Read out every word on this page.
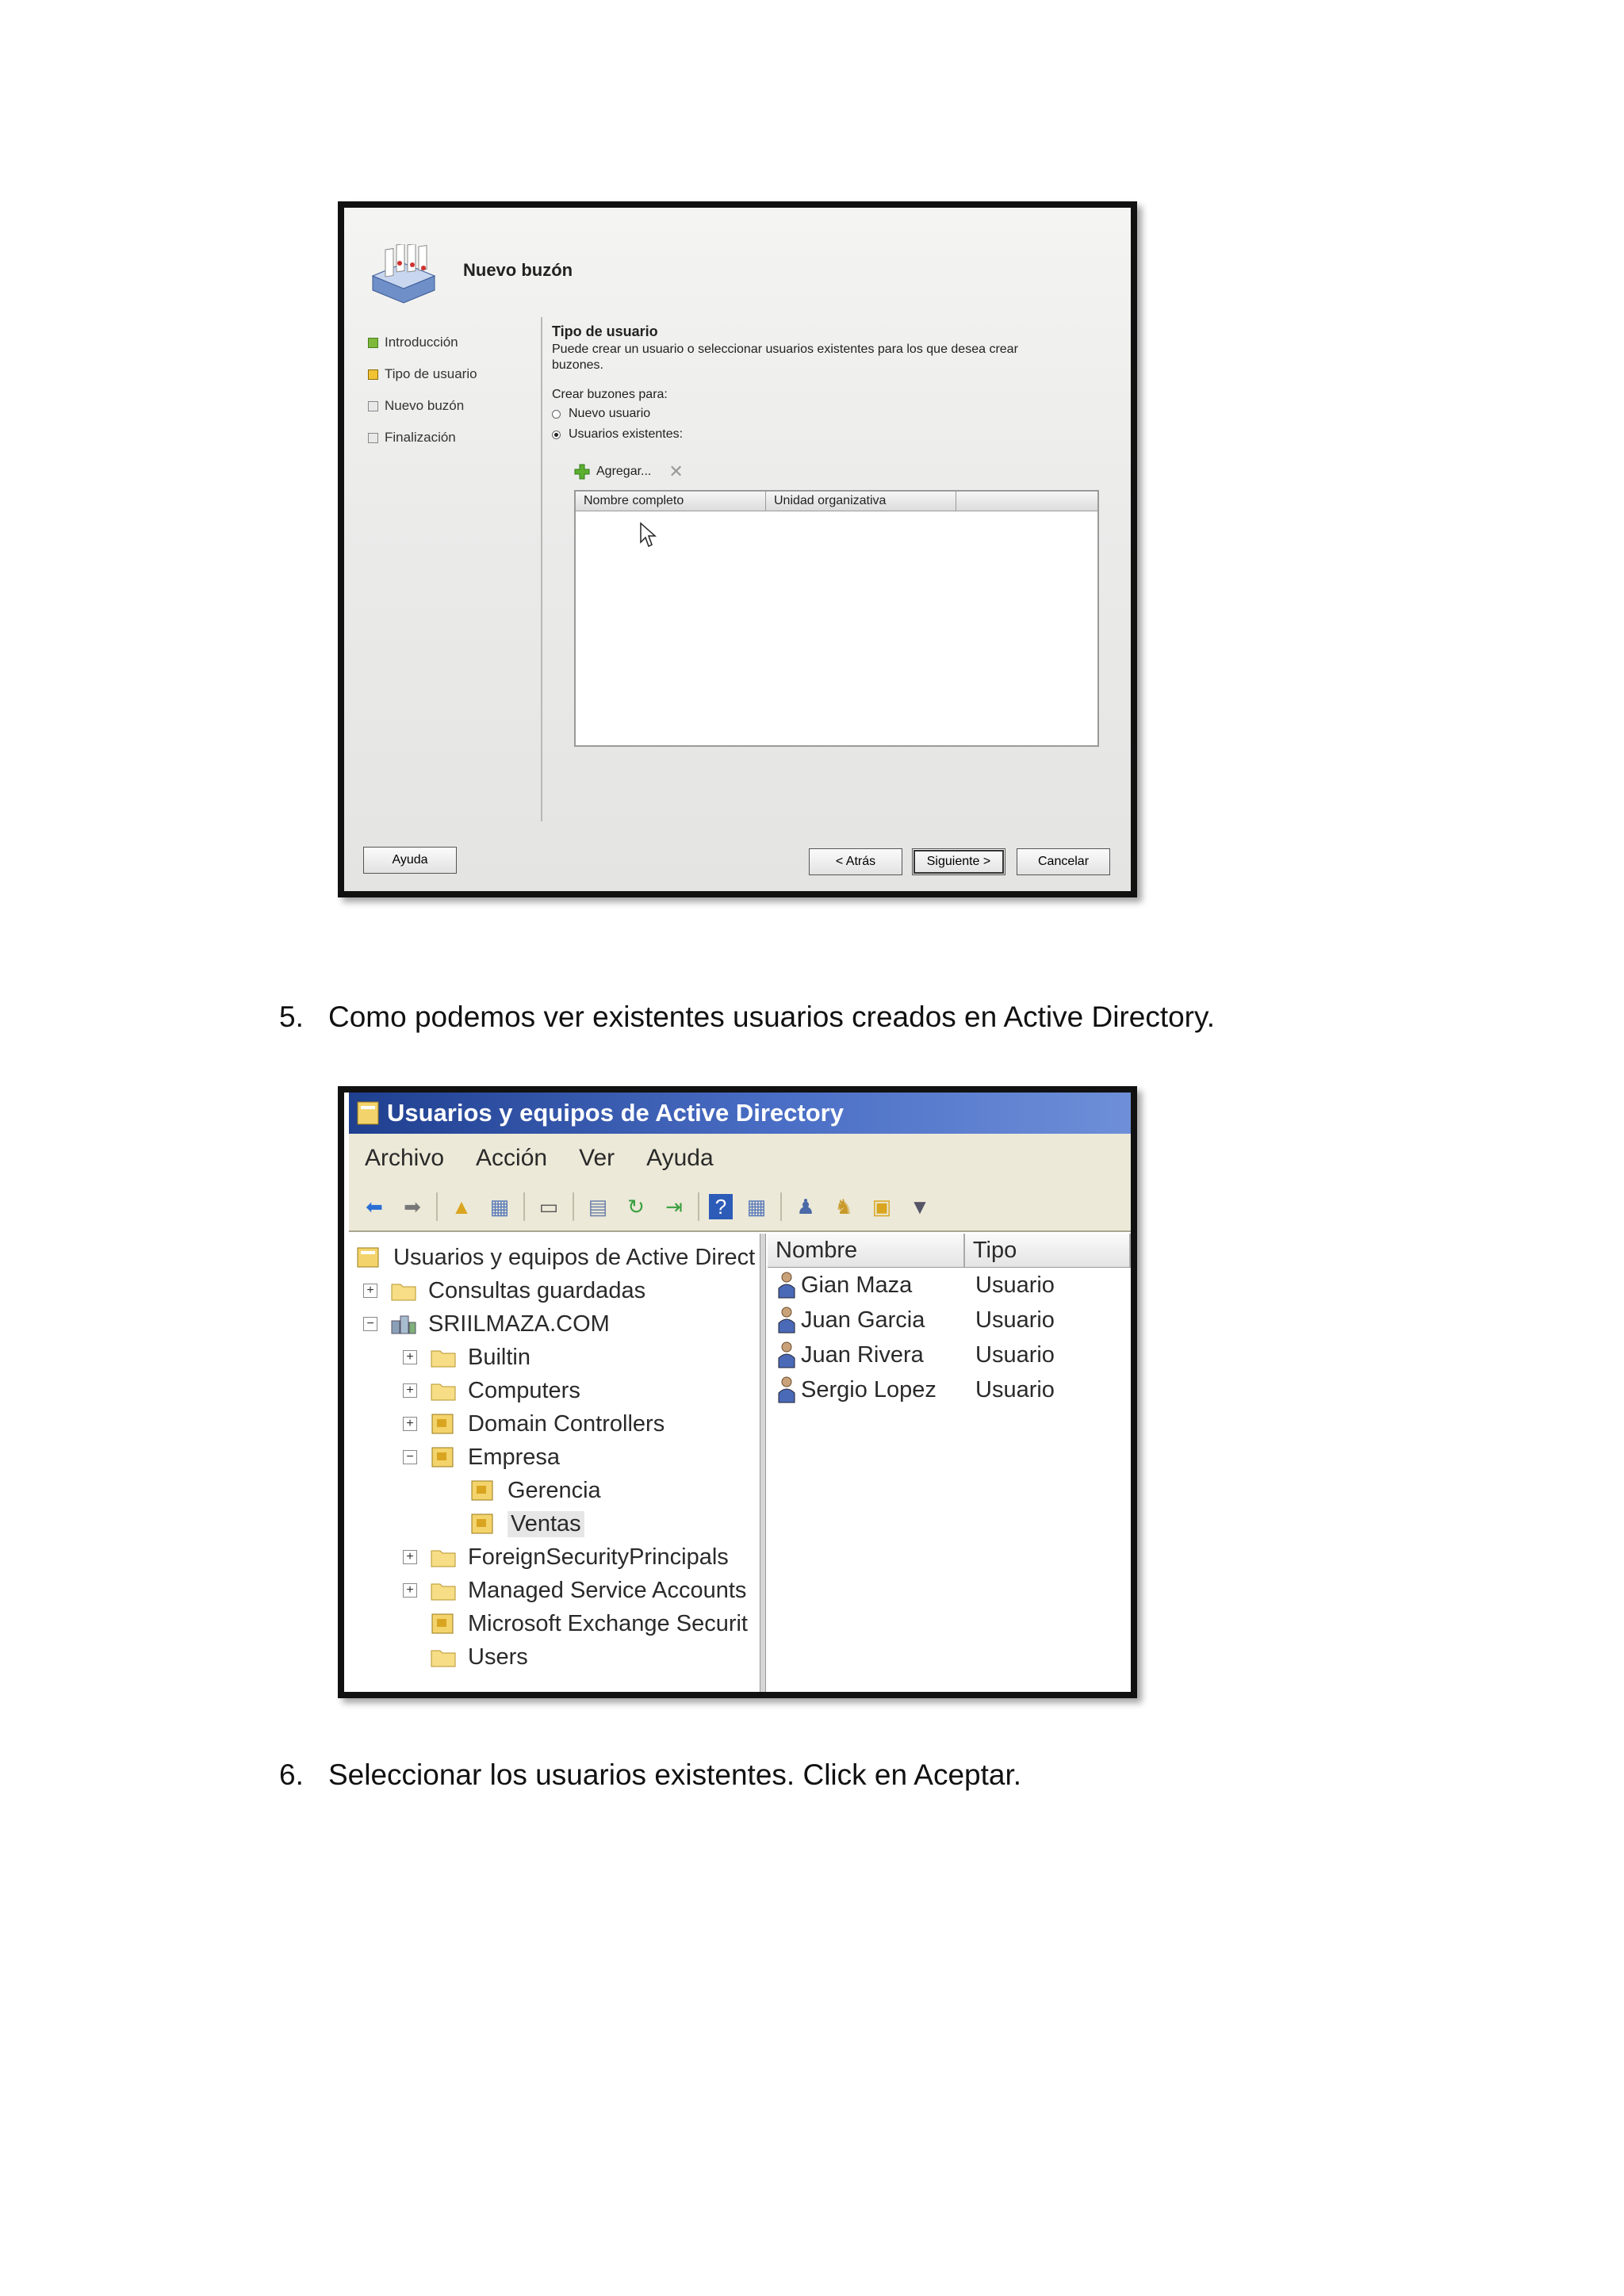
Nuevo buzón
Introducción
Tipo de usuario
Nuevo buzón
Finalización
Tipo de usuario
Puede crear un usuario o seleccionar usuarios existentes para los que desea crear buzones.
Crear buzones para:
Nuevo usuario
Usuarios existentes:
Agregar... ✕
Nombre completo	Unidad organizativa
Ayuda	< Atrás	Siguiente >	Cancelar
5. Como podemos ver existentes usuarios creados en Active Directory.
Usuarios y equipos de Active Directory
Archivo Acción Ver Ayuda
⬅ ➡ ▲ ▦ ▭ ▤ ↻ ⇥ ? ▦ ♟ ♞ ▣ ▼
Usuarios y equipos de Active Direct
+ Consultas guardadas
− SRIILMAZA.COM
+ Builtin
+ Computers
+ Domain Controllers
− Empresa
Gerencia
Ventas
+ ForeignSecurityPrincipals
+ Managed Service Accounts
Microsoft Exchange Securit
Users
Nombre	Tipo
Gian Maza	Usuario
Juan Garcia	Usuario
Juan Rivera	Usuario
Sergio Lopez	Usuario
6. Seleccionar los usuarios existentes. Click en Aceptar.
